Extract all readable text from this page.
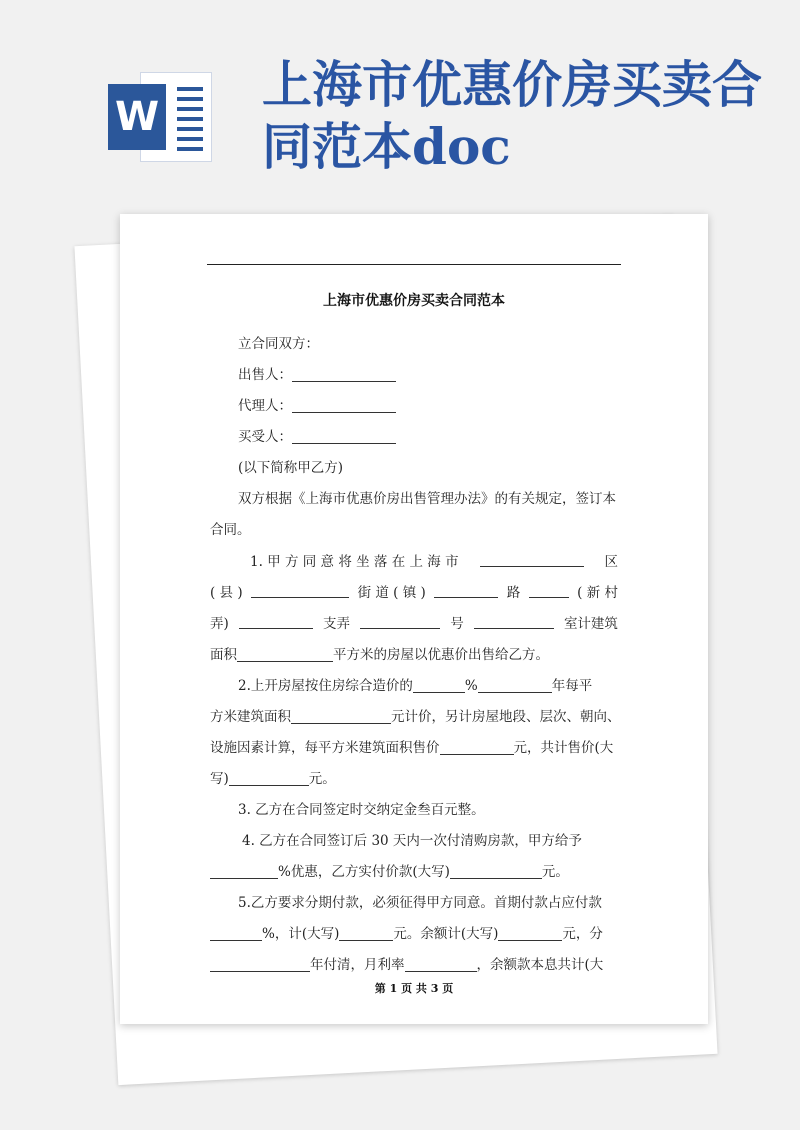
W
上海市优惠价房买卖合同范本doc
上海市优惠价房买卖合同范本
立合同双方：
出售人：
代理人：
买受人：
(以下简称甲乙方)
双方根据《上海市优惠价房出售管理办法》的有关规定，签订本
合同。
1. 甲 方 同 意 将 坐 落 在 上 海 市	区
( 县 )	街 道 ( 镇 )	路	( 新 村
弄)	支弄	号	室计建筑
面积	平方米的房屋以优惠价出售给乙方。
2.上开房屋按住房综合造价的	%	年每平
方米建筑面积	元计价，另计房屋地段、层次、朝向、
设施因素计算，每平方米建筑面积售价	元，共计售价(大
写)	元。
3. 乙方在合同签定时交纳定金叁百元整。
4. 乙方在合同签订后 30 天内一次付清购房款，甲方给予
%优惠，乙方实付价款(大写)	元。
5.乙方要求分期付款，必须征得甲方同意。首期付款占应付款
%，计(大写)	元。余额计(大写)	元，分
年付清，月利率	，余额款本息共计(大
第 1 页 共 3 页
